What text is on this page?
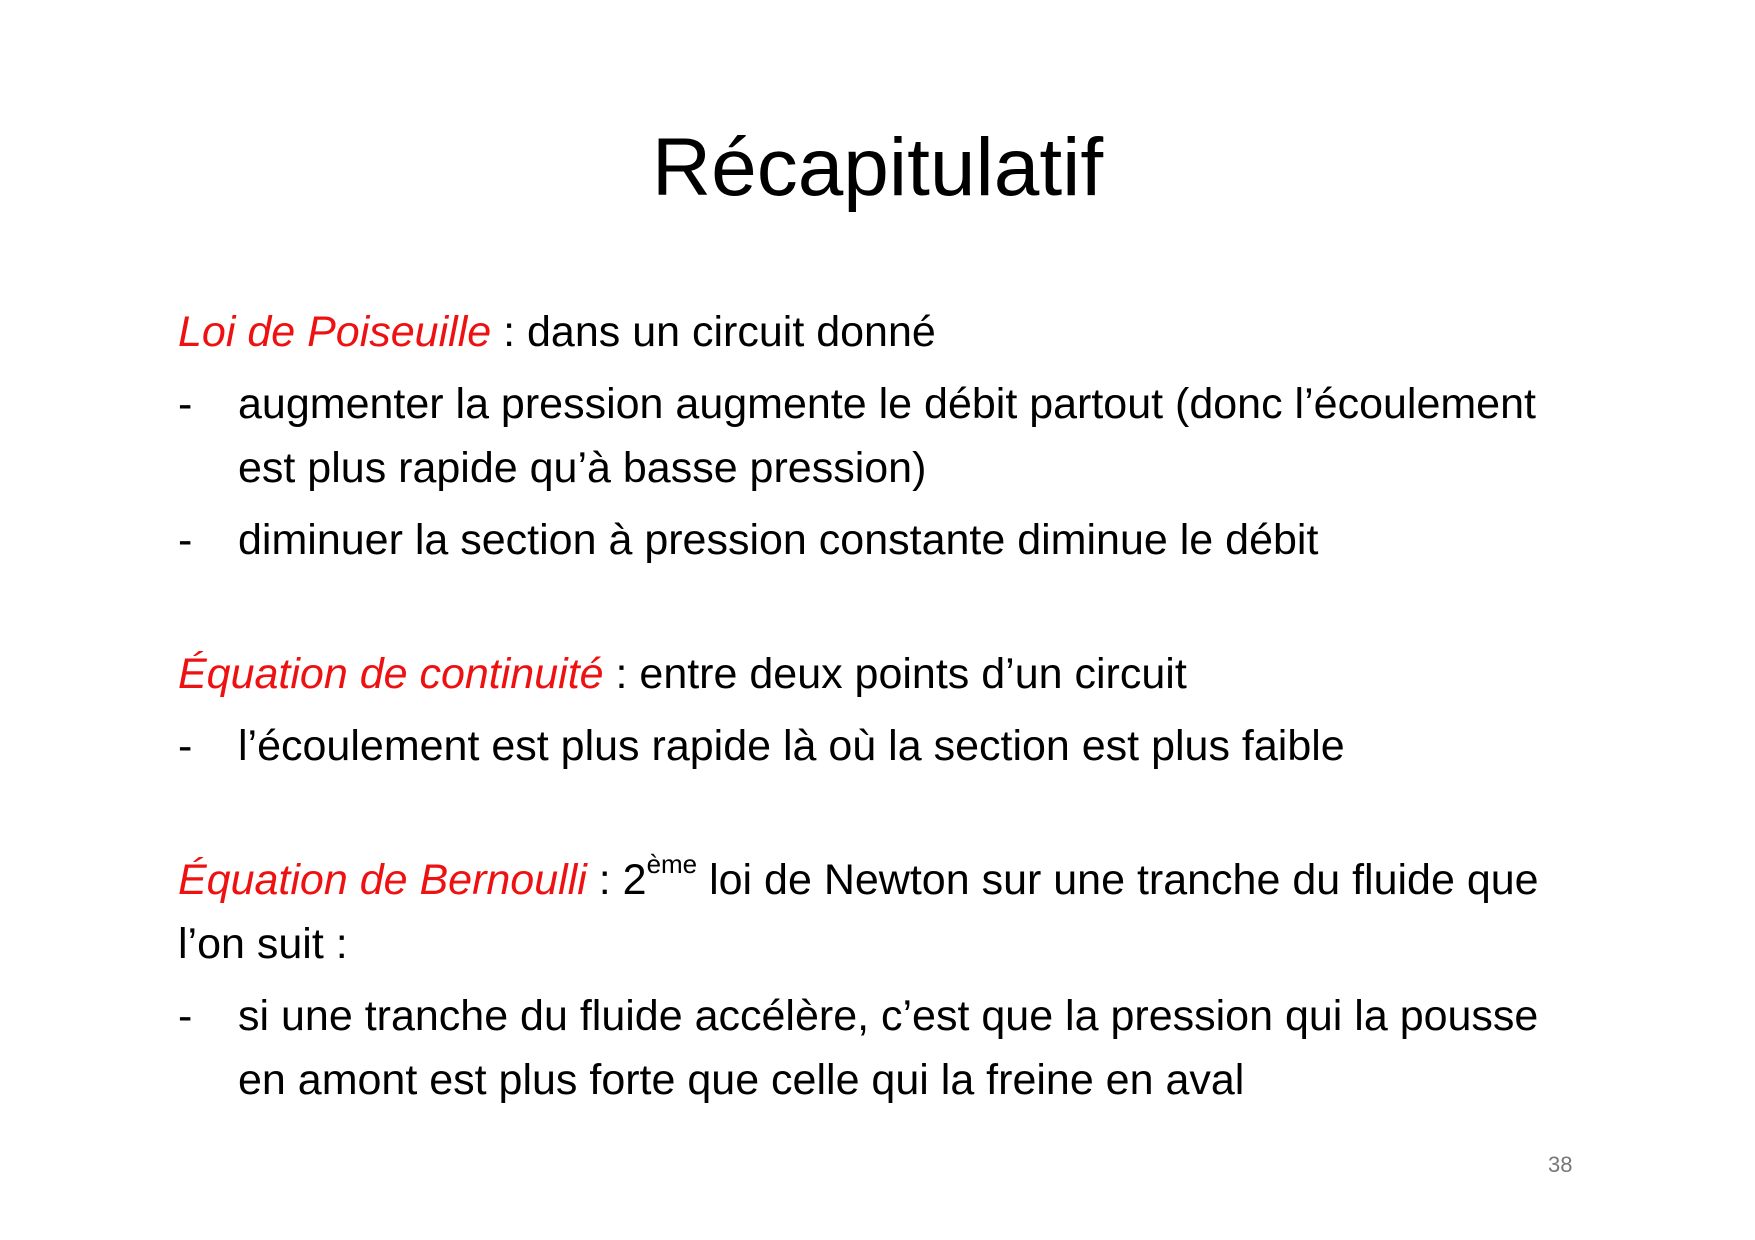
Récapitulatif

Loi de Poiseuille : dans un circuit donné

- augmenter la pression augmente le débit partout (donc l’écoulement est plus rapide qu’à basse pression)

- diminuer la section à pression constante diminue le débit

Équation de continuité : entre deux points d’un circuit

- l’écoulement est plus rapide là où la section est plus faible

Équation de Bernoulli : 2ème loi de Newton sur une tranche du fluide que l’on suit :

- si une tranche du fluide accélère, c’est que la pression qui la pousse en amont est plus forte que celle qui la freine en aval

38
